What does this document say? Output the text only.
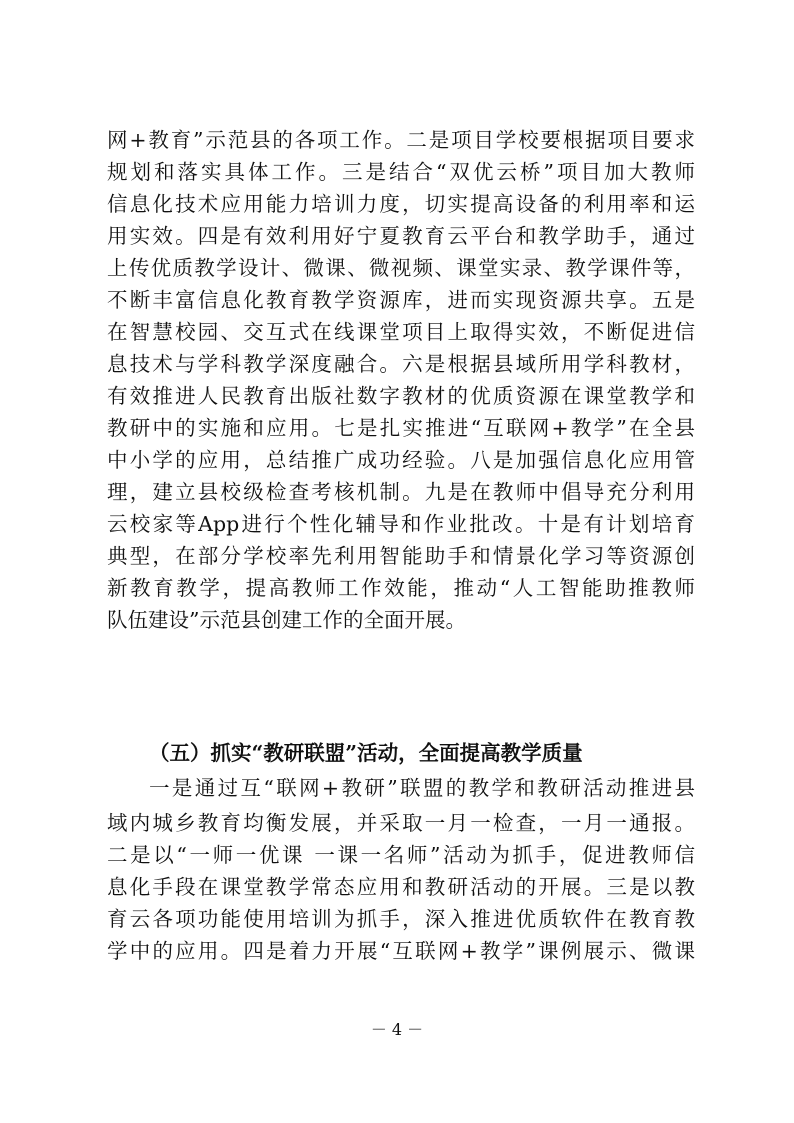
网+教育”示范县的各项工作。二是项目学校要根据项目要求
规划和落实具体工作。三是结合“双优云桥”项目加大教师
信息化技术应用能力培训力度，切实提高设备的利用率和运
用实效。四是有效利用好宁夏教育云平台和教学助手，通过
上传优质教学设计、微课、微视频、课堂实录、教学课件等，
不断丰富信息化教育教学资源库，进而实现资源共享。五是
在智慧校园、交互式在线课堂项目上取得实效，不断促进信
息技术与学科教学深度融合。六是根据县域所用学科教材，
有效推进人民教育出版社数字教材的优质资源在课堂教学和
教研中的实施和应用。七是扎实推进“互联网+教学”在全县
中小学的应用，总结推广成功经验。八是加强信息化应用管
理，建立县校级检查考核机制。九是在教师中倡导充分利用
云校家等App进行个性化辅导和作业批改。十是有计划培育
典型，在部分学校率先利用智能助手和情景化学习等资源创
新教育教学，提高教师工作效能，推动“人工智能助推教师
队伍建设”示范县创建工作的全面开展。
（五）抓实“教研联盟”活动，全面提高教学质量
一是通过互“联网+教研”联盟的教学和教研活动推进县
域内城乡教育均衡发展，并采取一月一检查，一月一通报。
二是以“一师一优课 一课一名师”活动为抓手，促进教师信
息化手段在课堂教学常态应用和教研活动的开展。三是以教
育云各项功能使用培训为抓手，深入推进优质软件在教育教
学中的应用。四是着力开展“互联网+教学”课例展示、微课
－ 4 －
